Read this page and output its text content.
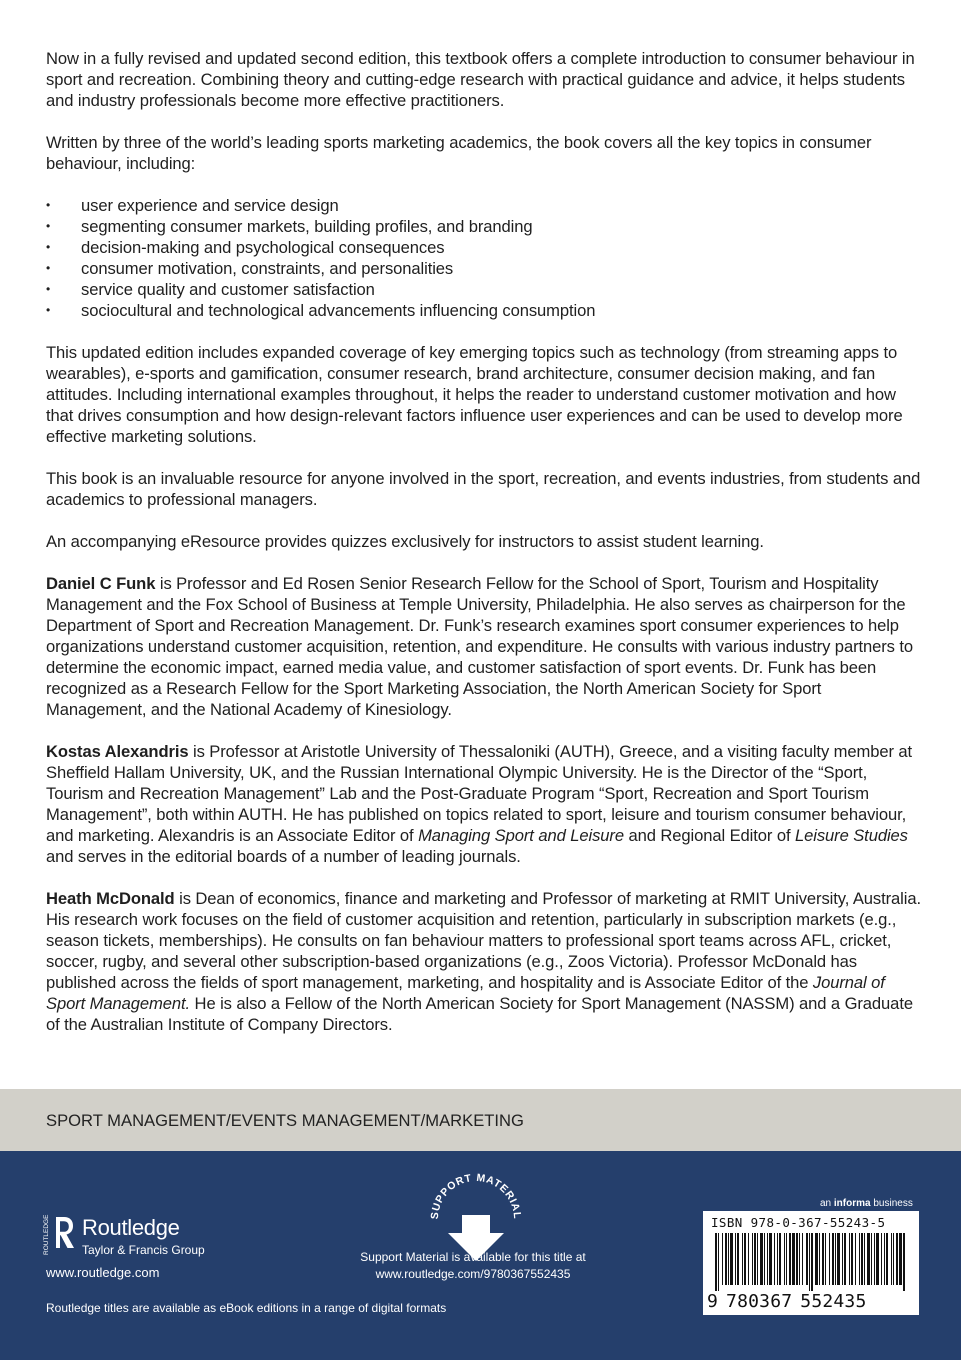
Now in a fully revised and updated second edition, this textbook offers a complete introduction to consumer behaviour in sport and recreation. Combining theory and cutting-edge research with practical guidance and advice, it helps students and industry professionals become more effective practitioners.

Written by three of the world’s leading sports marketing academics, the book covers all the key topics in consumer behaviour, including:

• user experience and service design
• segmenting consumer markets, building profiles, and branding
• decision-making and psychological consequences
• consumer motivation, constraints, and personalities
• service quality and customer satisfaction
• sociocultural and technological advancements influencing consumption

This updated edition includes expanded coverage of key emerging topics such as technology (from streaming apps to wearables), e-sports and gamification, consumer research, brand architecture, consumer decision making, and fan attitudes. Including international examples throughout, it helps the reader to understand customer motivation and how that drives consumption and how design-relevant factors influence user experiences and can be used to develop more effective marketing solutions.

This book is an invaluable resource for anyone involved in the sport, recreation, and events industries, from students and academics to professional managers.

An accompanying eResource provides quizzes exclusively for instructors to assist student learning.

Daniel C Funk is Professor and Ed Rosen Senior Research Fellow for the School of Sport, Tourism and Hospitality Management and the Fox School of Business at Temple University, Philadelphia. He also serves as chairperson for the Department of Sport and Recreation Management. Dr. Funk’s research examines sport consumer experiences to help organizations understand customer acquisition, retention, and expenditure. He consults with various industry partners to determine the economic impact, earned media value, and customer satisfaction of sport events. Dr. Funk has been recognized as a Research Fellow for the Sport Marketing Association, the North American Society for Sport Management, and the National Academy of Kinesiology.

Kostas Alexandris is Professor at Aristotle University of Thessaloniki (AUTH), Greece, and a visiting faculty member at Sheffield Hallam University, UK, and the Russian International Olympic University. He is the Director of the “Sport, Tourism and Recreation Management” Lab and the Post-Graduate Program “Sport, Recreation and Sport Tourism Management”, both within AUTH. He has published on topics related to sport, leisure and tourism consumer behaviour, and marketing. Alexandris is an Associate Editor of Managing Sport and Leisure and Regional Editor of Leisure Studies and serves in the editorial boards of a number of leading journals.

Heath McDonald is Dean of economics, finance and marketing and Professor of marketing at RMIT University, Australia. His research work focuses on the field of customer acquisition and retention, particularly in subscription markets (e.g., season tickets, memberships). He consults on fan behaviour matters to professional sport teams across AFL, cricket, soccer, rugby, and several other subscription-based organizations (e.g., Zoos Victoria). Professor McDonald has published across the fields of sport management, marketing, and hospitality and is Associate Editor of the Journal of Sport Management. He is also a Fellow of the North American Society for Sport Management (NASSM) and a Graduate of the Australian Institute of Company Directors.

SPORT MANAGEMENT/EVENTS MANAGEMENT/MARKETING
ROUTLEDGE Routledge
Taylor & Francis Group
www.routledge.com
Routledge titles are available as eBook editions in a range of digital formats
SUPPORT MATERIAL
Support Material is available for this title at
www.routledge.com/9780367552435
an informa business
ISBN 978-0-367-55243-5
9 780367 552435
